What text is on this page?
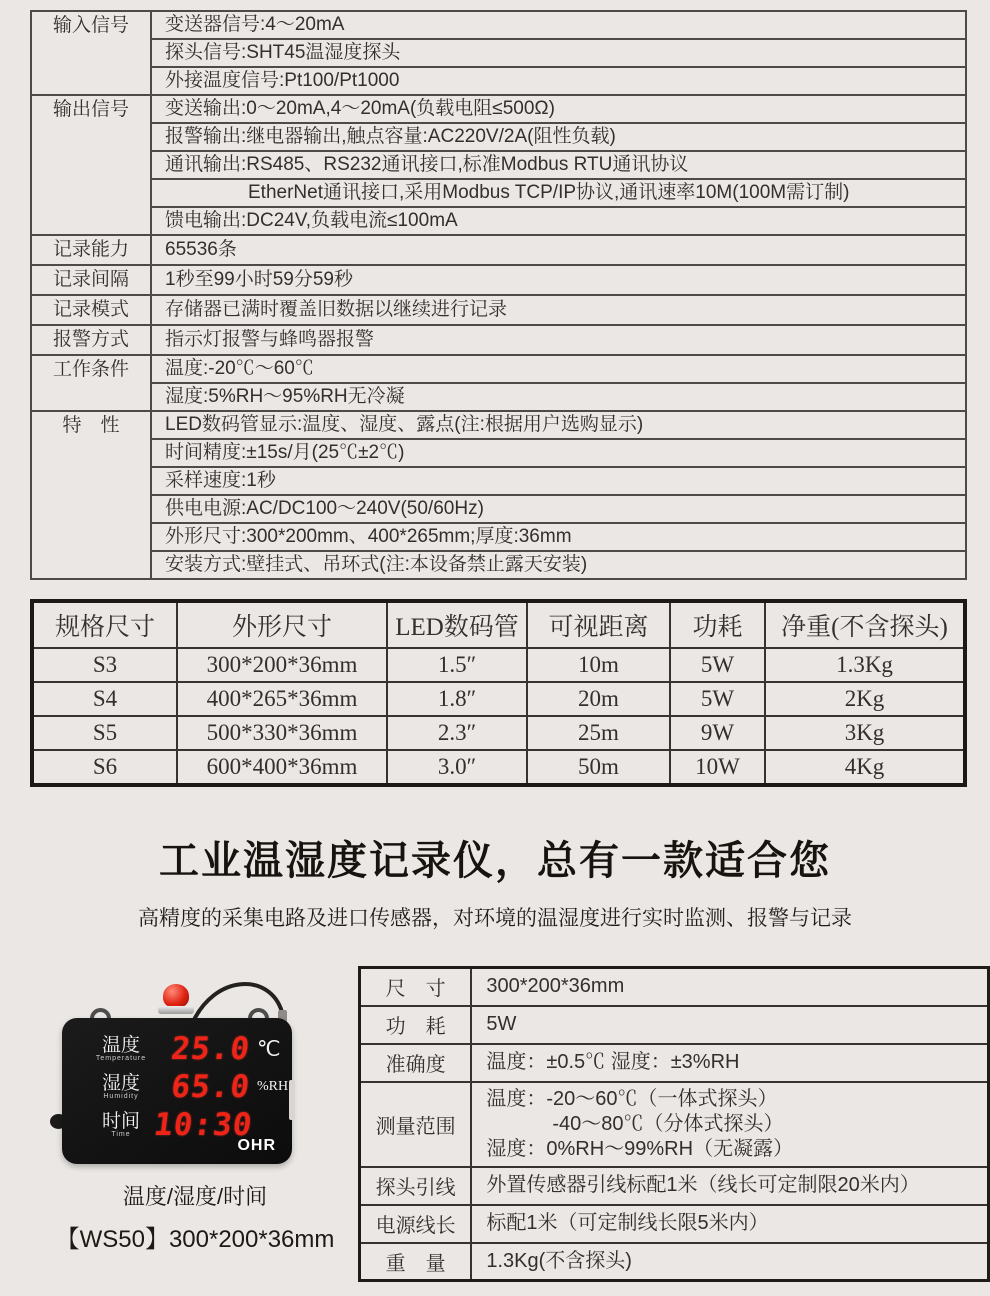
输入信号	变送器信号:4～20mA
	探头信号:SHT45温湿度探头
	外接温度信号:Pt100/Pt1000
输出信号	变送输出:0～20mA,4～20mA(负载电阻≤500Ω)
	报警输出:继电器输出,触点容量:AC220V/2A(阻性负载)
	通讯输出:RS485、RS232通讯接口,标准Modbus RTU通讯协议
	EtherNet通讯接口,采用Modbus TCP/IP协议,通讯速率10M(100M需订制)
	馈电输出:DC24V,负载电流≤100mA
记录能力	65536条
记录间隔	1秒至99小时59分59秒
记录模式	存储器已满时覆盖旧数据以继续进行记录
报警方式	指示灯报警与蜂鸣器报警
工作条件	温度:-20℃～60℃
	湿度:5%RH～95%RH无冷凝
特　性	LED数码管显示:温度、湿度、露点(注:根据用户选购显示)
	时间精度:±15s/月(25℃±2℃)
	采样速度:1秒
	供电电源:AC/DC100～240V(50/60Hz)
	外形尺寸:300*200mm、400*265mm;厚度:36mm
	安装方式:壁挂式、吊环式(注:本设备禁止露天安装)
规格尺寸	外形尺寸	LED数码管	可视距离	功耗	净重(不含探头)
S3	300*200*36mm	1.5″	10m	5W	1.3Kg
S4	400*265*36mm	1.8″	20m	5W	2Kg
S5	500*330*36mm	2.3″	25m	9W	3Kg
S6	600*400*36mm	3.0″	50m	10W	4Kg
工业温湿度记录仪，总有一款适合您
高精度的采集电路及进口传感器，对环境的温湿度进行实时监测、报警与记录
温度
Temperature 25.0 ℃
湿度
Humidity 65.0 %RH
时间
Time 10:30
OHR
温度/湿度/时间
【WS50】300*200*36mm
尺　寸	300*200*36mm

功　耗	5W

准确度	温度：±0.5℃ 湿度：±3%RH

测量范围	温度：-20～60℃（一体式探头）
-40～80℃（分体式探头）
湿度：0%RH～99%RH（无凝露）

探头引线	外置传感器引线标配1米（线长可定制限20米内）

电源线长	标配1米（可定制线长限5米内）

重　量	1.3Kg(不含探头)
